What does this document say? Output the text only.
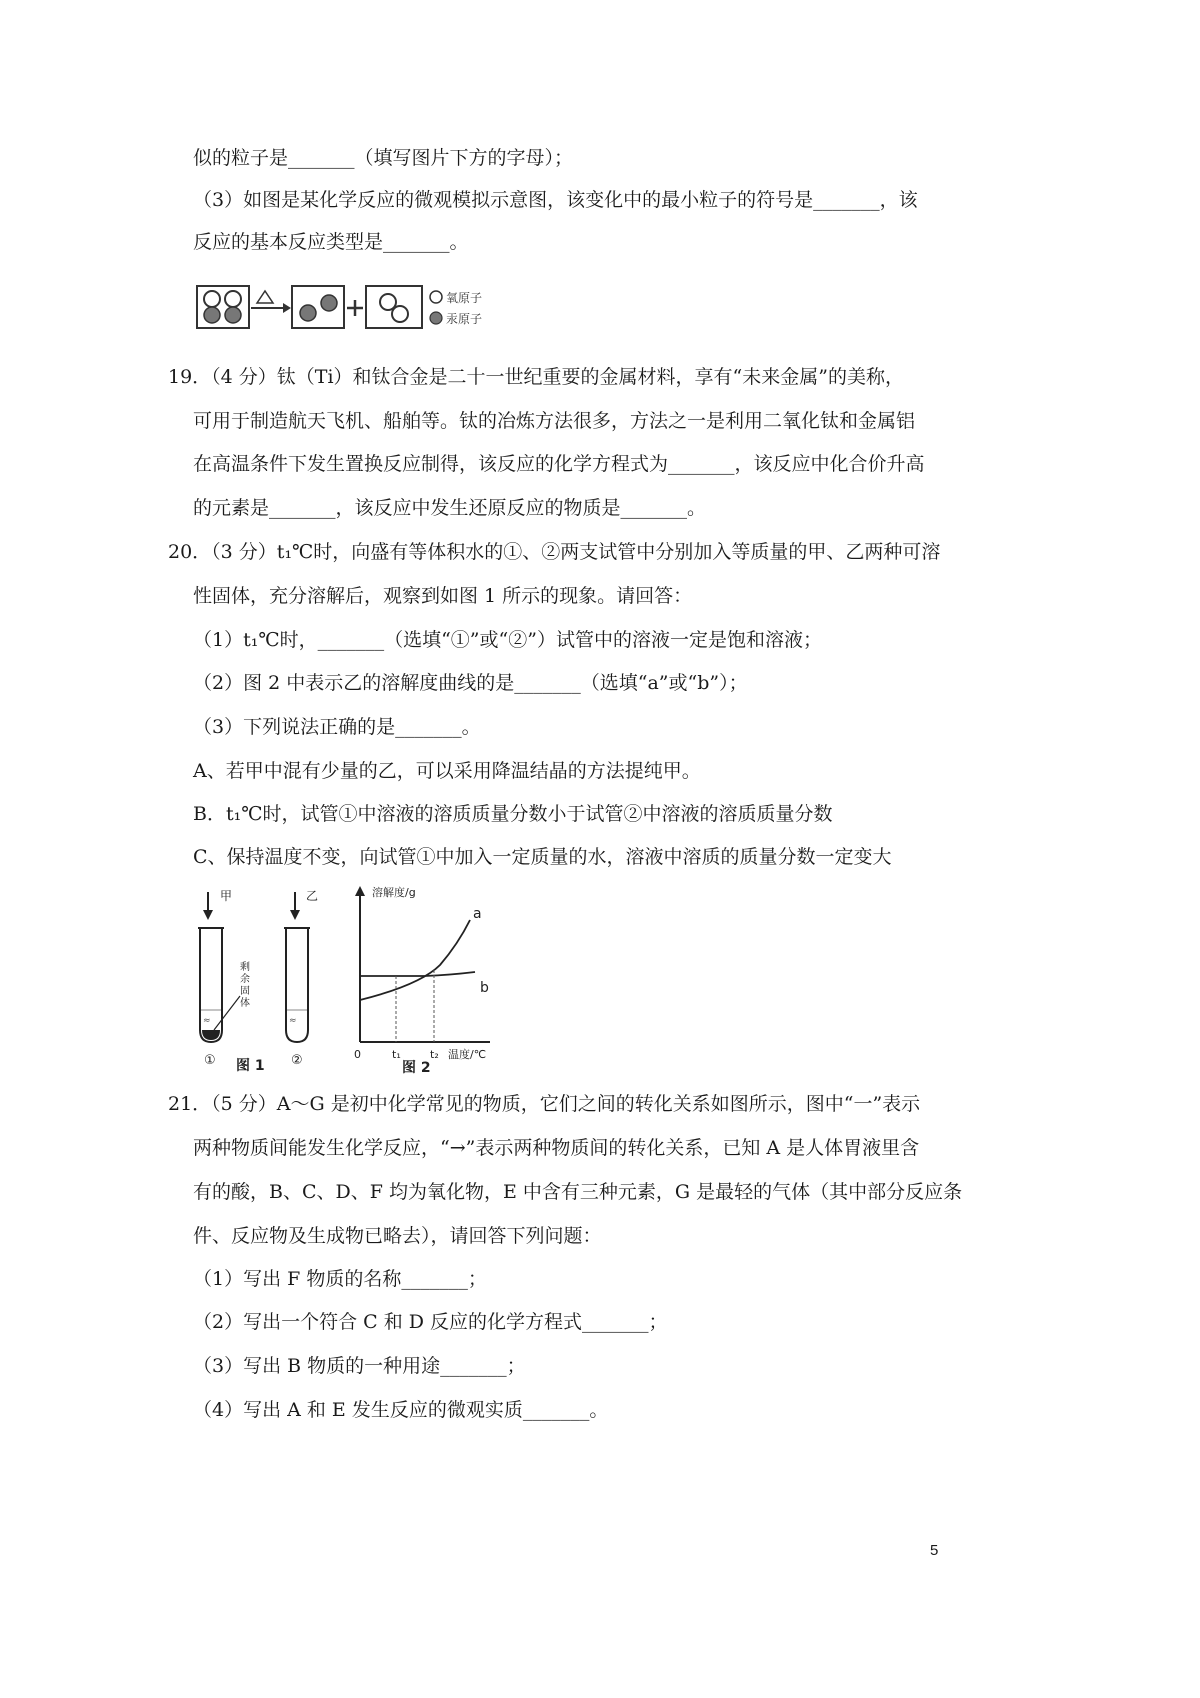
似的粒子是_______（填写图片下方的字母）；
（3）如图是某化学反应的微观模拟示意图，该变化中的最小粒子的符号是_______，该
反应的基本反应类型是_______。
氧原子
汞原子
19．（4 分）钛（Ti）和钛合金是二十一世纪重要的金属材料，享有“未来金属”的美称，
可用于制造航天飞机、船舶等。钛的冶炼方法很多，方法之一是利用二氧化钛和金属铝
在高温条件下发生置换反应制得，该反应的化学方程式为_______，该反应中化合价升高
的元素是_______，该反应中发生还原反应的物质是_______。
20．（3 分）t₁℃时，向盛有等体积水的①、②两支试管中分别加入等质量的甲、乙两种可溶
性固体，充分溶解后，观察到如图 1 所示的现象。请回答：
（1）t₁℃时，_______（选填“①”或“②”）试管中的溶液一定是饱和溶液；
（2）图 2 中表示乙的溶解度曲线的是_______（选填“a”或“b”）；
（3）下列说法正确的是_______。
A、若甲中混有少量的乙，可以采用降温结晶的方法提纯甲。
B．t₁℃时，试管①中溶液的溶质质量分数小于试管②中溶液的溶质质量分数
C、保持温度不变，向试管①中加入一定质量的水，溶液中溶质的质量分数一定变大
甲
≈
剩余固体
① 图 1
乙
≈
②
溶解度/g
a
b
0	t₁	t₂ 温度/℃
图 2
21．（5 分）A～G 是初中化学常见的物质，它们之间的转化关系如图所示，图中“一”表示
两种物质间能发生化学反应，“→”表示两种物质间的转化关系，已知 A 是人体胃液里含
有的酸，B、C、D、F 均为氧化物，E 中含有三种元素，G 是最轻的气体（其中部分反应条
件、反应物及生成物已略去），请回答下列问题：
（1）写出 F 物质的名称_______；
（2）写出一个符合 C 和 D 反应的化学方程式_______；
（3）写出 B 物质的一种用途_______；
（4）写出 A 和 E 发生反应的微观实质_______。
5
